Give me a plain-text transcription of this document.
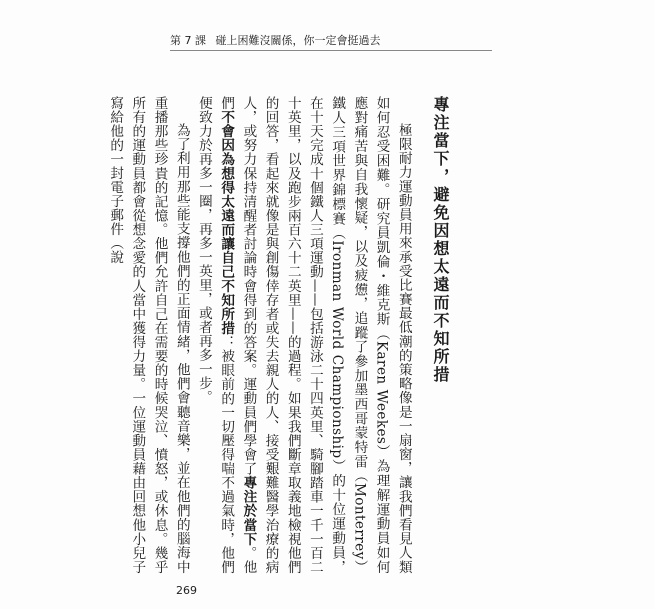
第 7 課 碰上困難沒關係，你一定會挺過去
專注當下，避免因想太遠而不知所措

極限耐力運動員用來承受比賽最低潮的策略像是一扇窗，讓我們看見人類如何忍受困難。研究員凱倫・維克斯（Karen Weekes）為理解運動員如何應對痛苦與自我懷疑，以及疲憊，追蹤了參加墨西哥蒙特雷（Monterrey）鐵人三項世界錦標賽（Ironman World Championship）的十位運動員，在十天完成十個鐵人三項運動——包括游泳二十四英里、騎腳踏車一千一百二十英里，以及跑步兩百六十二英里——的過程。如果我們斷章取義地檢視他們的回答，看起來就像是與創傷倖存者或失去親人的人、接受艱難醫學治療的病人，或努力保持清醒者討論時會得到的答案。運動員們學會了專注於當下。他們不會因為想得太遠而讓自己不知所措：被眼前的一切壓得喘不過氣時，他們便致力於再多一圈，再多一英里，或者再多一步。

為了利用那些能支撐他們的正面情緒，他們會聽音樂，並在他們的腦海中重播那些珍貴的記憶。他們允許自己在需要的時候哭泣、憤怒，或休息。幾乎所有的運動員都會從想念愛的人當中獲得力量。一位運動員藉由回想他小兒子寫給他的一封電子郵件（說

269
